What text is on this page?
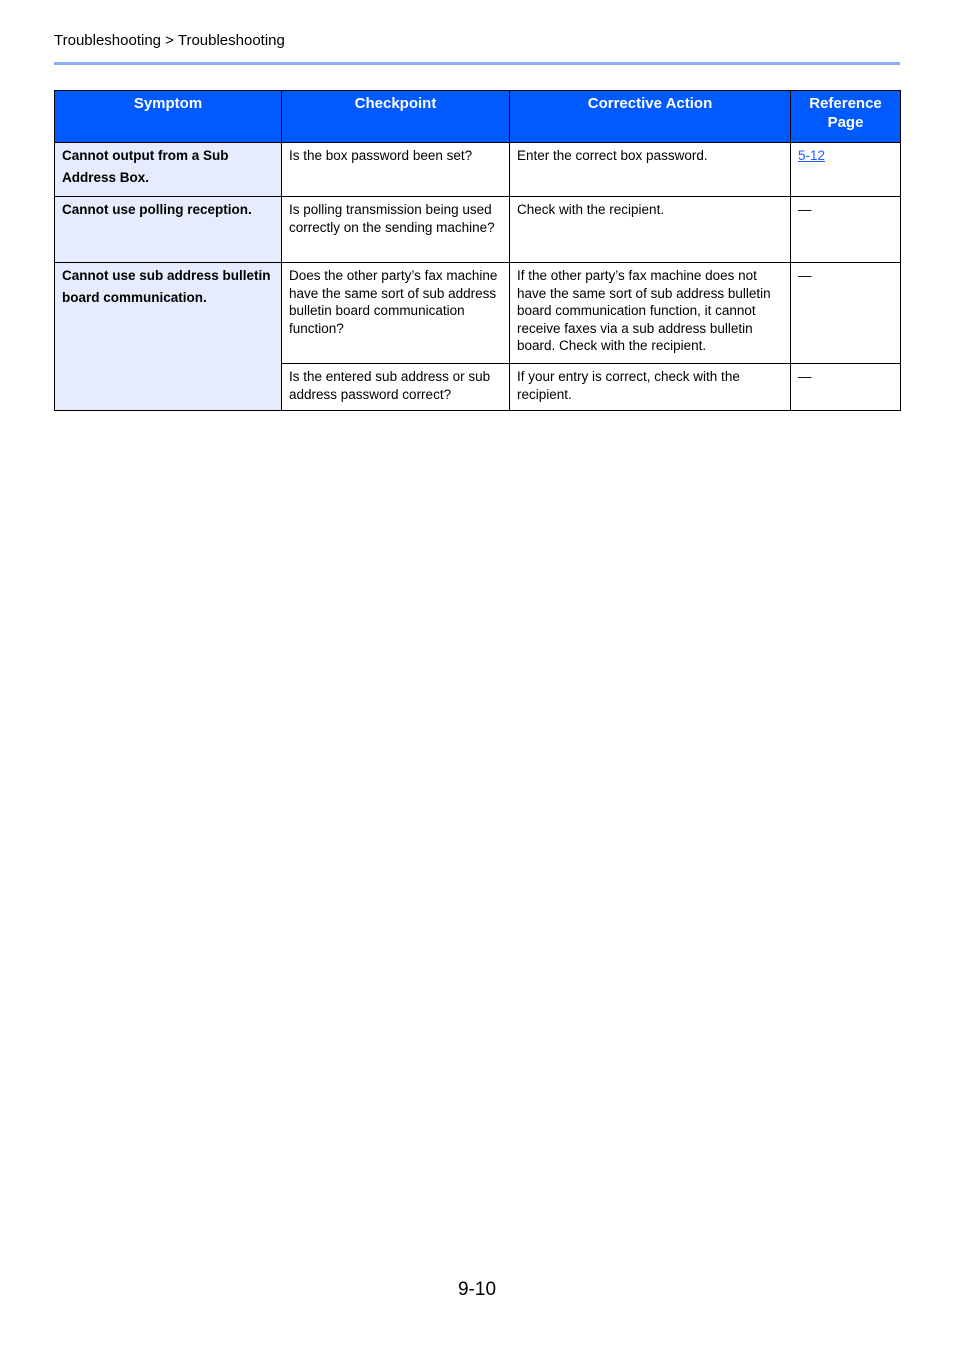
Troubleshooting > Troubleshooting
Symptom	Checkpoint	Corrective Action	Reference Page
Cannot output from a Sub Address Box.	Is the box password been set?	Enter the correct box password.	5-12
Cannot use polling reception.	Is polling transmission being used correctly on the sending machine?	Check with the recipient.	—
Cannot use sub address bulletin board communication.	Does the other party’s fax machine have the same sort of sub address bulletin board communication function?	If the other party’s fax machine does not have the same sort of sub address bulletin board communication function, it cannot receive faxes via a sub address bulletin board. Check with the recipient.	—
	Is the entered sub address or sub address password correct?	If your entry is correct, check with the recipient.	—
9-10
